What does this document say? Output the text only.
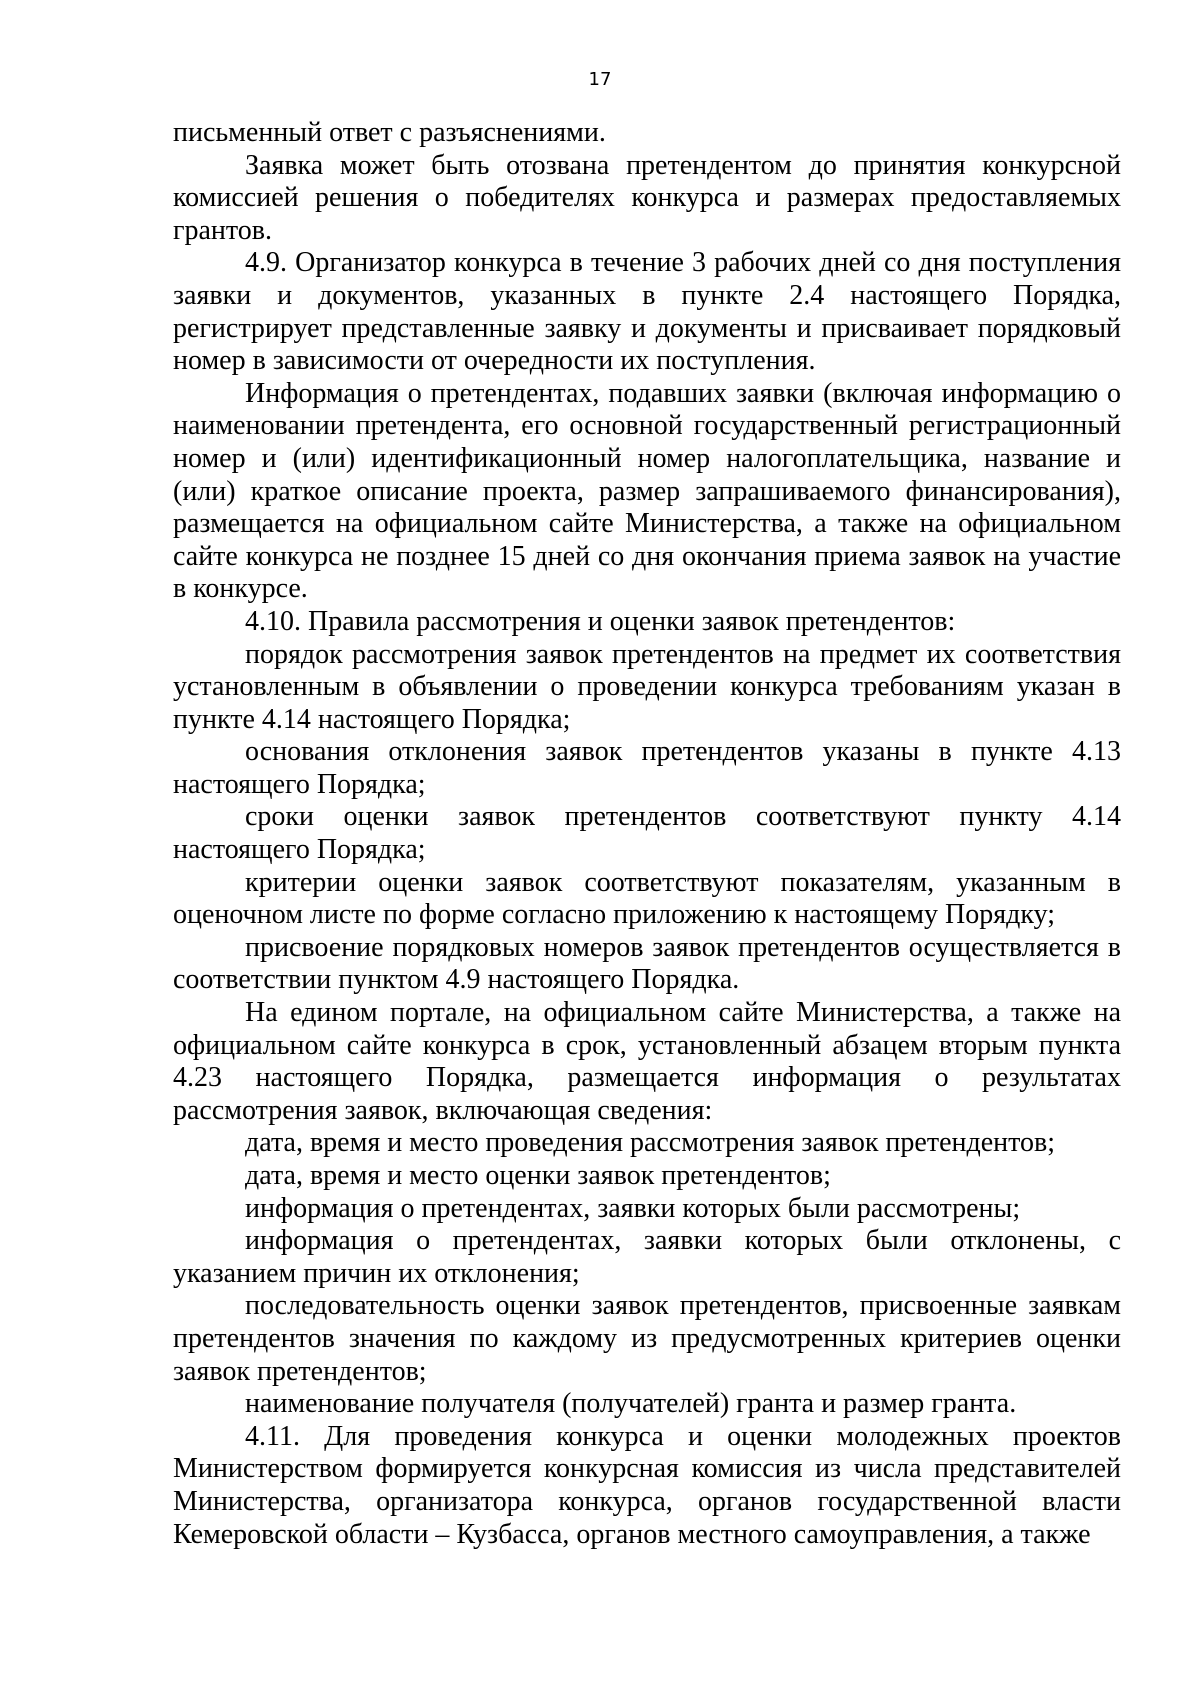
17

письменный ответ с разъяснениями.

Заявка может быть отозвана претендентом до принятия конкурсной комиссией решения о победителях конкурса и размерах предоставляемых грантов.

4.9. Организатор конкурса в течение 3 рабочих дней со дня поступления заявки и документов, указанных в пункте 2.4 настоящего Порядка, регистрирует представленные заявку и документы и присваивает порядковый номер в зависимости от очередности их поступления.

Информация о претендентах, подавших заявки (включая информацию о наименовании претендента, его основной государственный регистрационный номер и (или) идентификационный номер налогоплательщика, название и (или) краткое описание проекта, размер запрашиваемого финансирования), размещается на официальном сайте Министерства, а также на официальном сайте конкурса не позднее 15 дней со дня окончания приема заявок на участие в конкурсе.

4.10. Правила рассмотрения и оценки заявок претендентов:

порядок рассмотрения заявок претендентов на предмет их соответствия установленным в объявлении о проведении конкурса требованиям указан в пункте 4.14 настоящего Порядка;

основания отклонения заявок претендентов указаны в пункте 4.13 настоящего Порядка;

сроки оценки заявок претендентов соответствуют пункту 4.14 настоящего Порядка;

критерии оценки заявок соответствуют показателям, указанным в оценочном листе по форме согласно приложению к настоящему Порядку;

присвоение порядковых номеров заявок претендентов осуществляется в соответствии пунктом 4.9 настоящего Порядка.

На едином портале, на официальном сайте Министерства, а также на официальном сайте конкурса в срок, установленный абзацем вторым пункта 4.23 настоящего Порядка, размещается информация о результатах рассмотрения заявок, включающая сведения:

дата, время и место проведения рассмотрения заявок претендентов;

дата, время и место оценки заявок претендентов;

информация о претендентах, заявки которых были рассмотрены;

информация о претендентах, заявки которых были отклонены, с указанием причин их отклонения;

последовательность оценки заявок претендентов, присвоенные заявкам претендентов значения по каждому из предусмотренных критериев оценки заявок претендентов;

наименование получателя (получателей) гранта и размер гранта.

4.11. Для проведения конкурса и оценки молодежных проектов Министерством формируется конкурсная комиссия из числа представителей Министерства, организатора конкурса, органов государственной власти Кемеровской области – Кузбасса, органов местного самоуправления, а также
